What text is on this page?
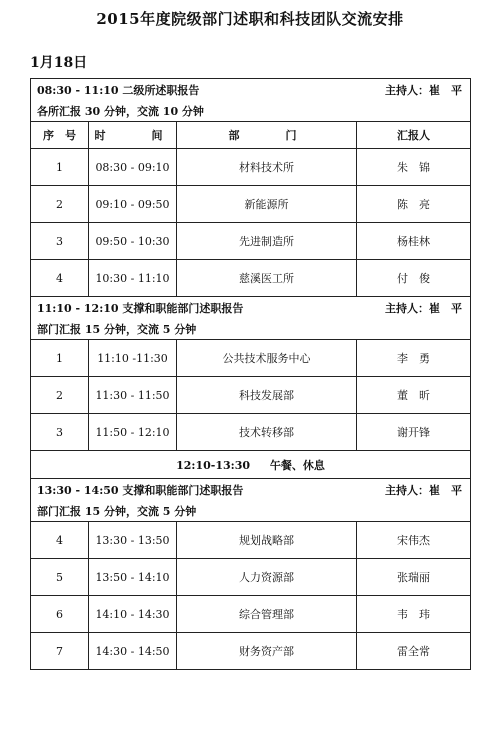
2015年度院级部门述职和科技团队交流安排
1月18日
08:30 - 11:10 二级所述职报告 主持人：崔　平			

各所汇报 30 分钟，交流 10 分钟			

序　号	时　　间	部　　门	汇报人
1	08:30 - 09:10	材料技术所	朱　锦
2	09:10 - 09:50	新能源所	陈　亮
3	09:50 - 10:30	先进制造所	杨桂林
4	10:30 - 11:10	慈溪医工所	付　俊

11:10 - 12:10 支撑和职能部门述职报告 主持人：崔　平			

部门汇报 15 分钟，交流 5 分钟			

1	11:10 -11:30	公共技术服务中心	李　勇
2	11:30 - 11:50	科技发展部	董　昕
3	11:50 - 12:10	技术转移部	谢开锋

12:10-13:30 午餐、休息			

13:30 - 14:50 支撑和职能部门述职报告 主持人：崔　平			

部门汇报 15 分钟，交流 5 分钟			

4	13:30 - 13:50	规划战略部	宋伟杰
5	13:50 - 14:10	人力资源部	张瑞丽
6	14:10 - 14:30	综合管理部	韦　玮
7	14:30 - 14:50	财务资产部	雷全常
